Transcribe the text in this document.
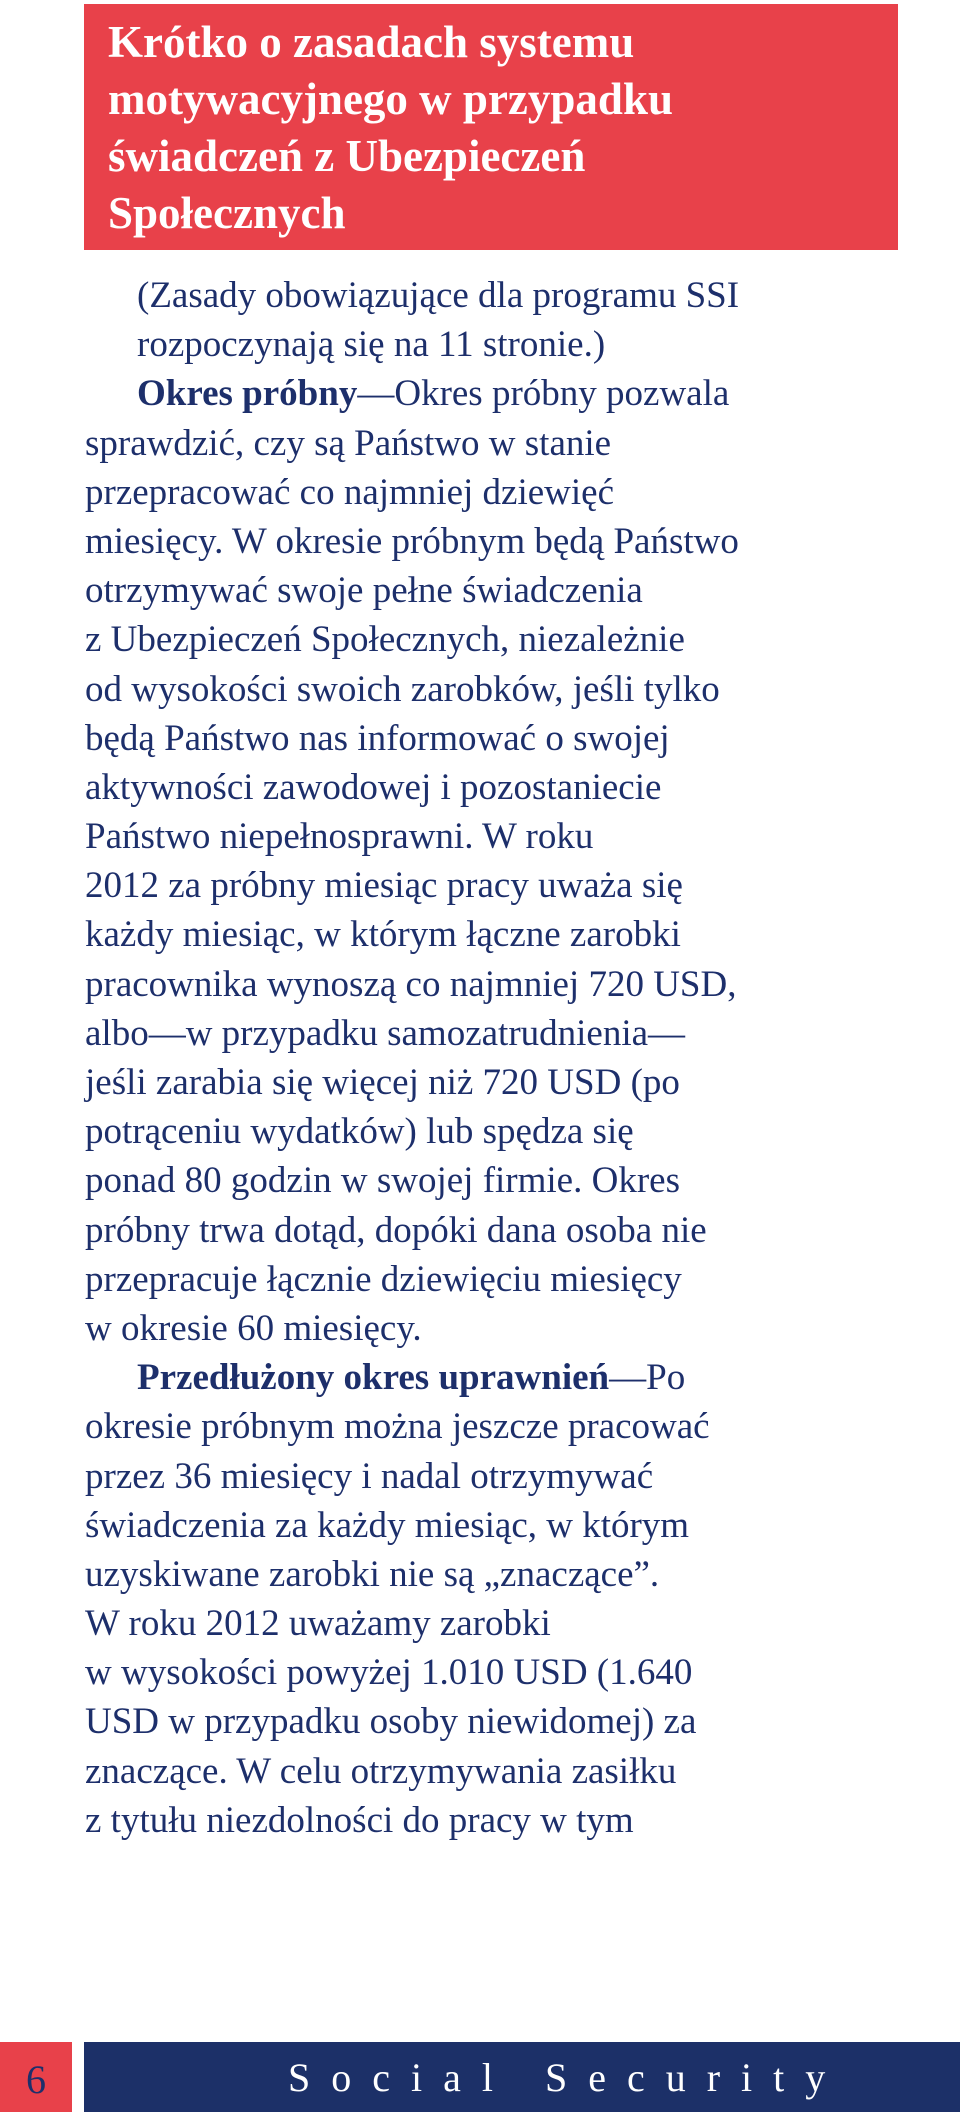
Krótko o zasadach systemu
motywacyjnego w przypadku
świadczeń z Ubezpieczeń
Społecznych
(Zasady obowiązujące dla programu SSI
rozpoczynają się na 11 stronie.)
Okres próbny—Okres próbny pozwala
sprawdzić, czy są Państwo w stanie
przepracować co najmniej dziewięć
miesięcy. W okresie próbnym będą Państwo
otrzymywać swoje pełne świadczenia
z Ubezpieczeń Społecznych, niezależnie
od wysokości swoich zarobków, jeśli tylko
będą Państwo nas informować o swojej
aktywności zawodowej i pozostaniecie
Państwo niepełnosprawni. W roku
2012 za próbny miesiąc pracy uważa się
każdy miesiąc, w którym łączne zarobki
pracownika wynoszą co najmniej 720 USD,
albo—w przypadku samozatrudnienia—
jeśli zarabia się więcej niż 720 USD (po
potrąceniu wydatków) lub spędza się
ponad 80 godzin w swojej firmie. Okres
próbny trwa dotąd, dopóki dana osoba nie
przepracuje łącznie dziewięciu miesięcy
w okresie 60 miesięcy.
Przedłużony okres uprawnień—Po
okresie próbnym można jeszcze pracować
przez 36 miesięcy i nadal otrzymywać
świadczenia za każdy miesiąc, w którym
uzyskiwane zarobki nie są „znaczące”.
W roku 2012 uważamy zarobki
w wysokości powyżej 1.010 USD (1.640
USD w przypadku osoby niewidomej) za
znaczące. W celu otrzymywania zasiłku
z tytułu niezdolności do pracy w tym
6	Social Security
